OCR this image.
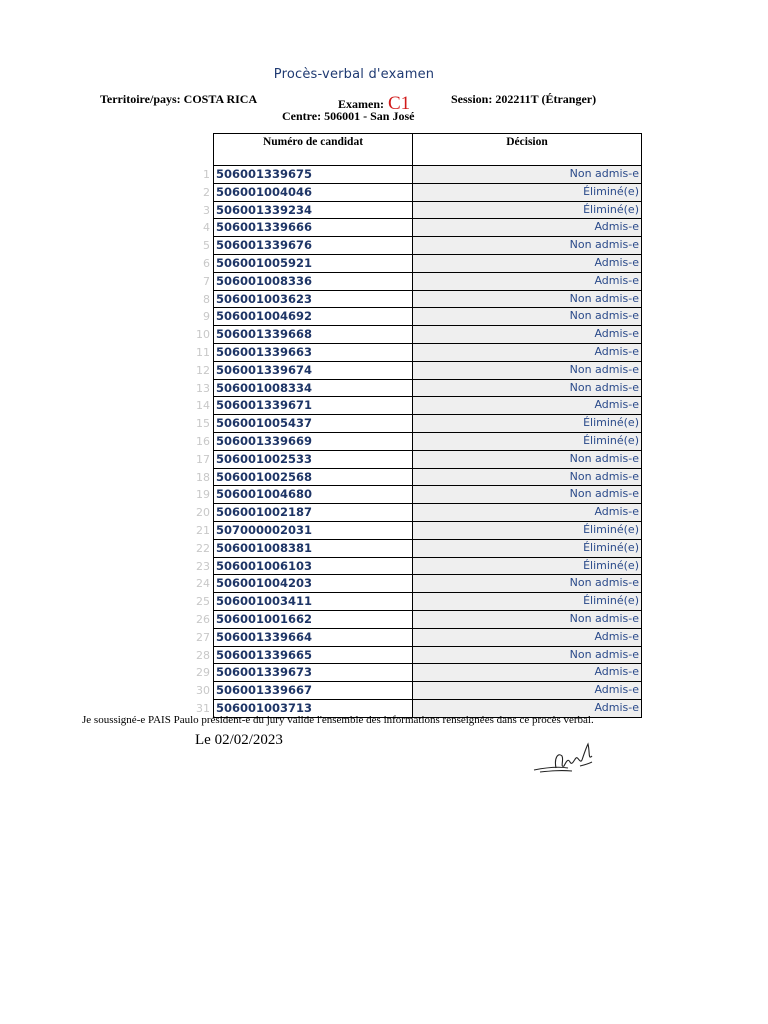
Procès-verbal d'examen
Territoire/pays: COSTA RICA	Examen: C1	Session: 202211T (Étranger)
Centre: 506001 - San José
Numéro de candidat	Décision
1 506001339675	Non admis-e
2 506001004046	Éliminé(e)
3 506001339234	Éliminé(e)
4 506001339666	Admis-e
5 506001339676	Non admis-e
6 506001005921	Admis-e
7 506001008336	Admis-e
8 506001003623	Non admis-e
9 506001004692	Non admis-e
10 506001339668	Admis-e
11 506001339663	Admis-e
12 506001339674	Non admis-e
13 506001008334	Non admis-e
14 506001339671	Admis-e
15 506001005437	Éliminé(e)
16 506001339669	Éliminé(e)
17 506001002533	Non admis-e
18 506001002568	Non admis-e
19 506001004680	Non admis-e
20 506001002187	Admis-e
21 507000002031	Éliminé(e)
22 506001008381	Éliminé(e)
23 506001006103	Éliminé(e)
24 506001004203	Non admis-e
25 506001003411	Éliminé(e)
26 506001001662	Non admis-e
27 506001339664	Admis-e
28 506001339665	Non admis-e
29 506001339673	Admis-e
30 506001339667	Admis-e
31 506001003713	Admis-e
Je soussigné-e PAIS Paulo président-e du jury valide l'ensemble des informations renseignées dans ce procès verbal.
Le 02/02/2023
